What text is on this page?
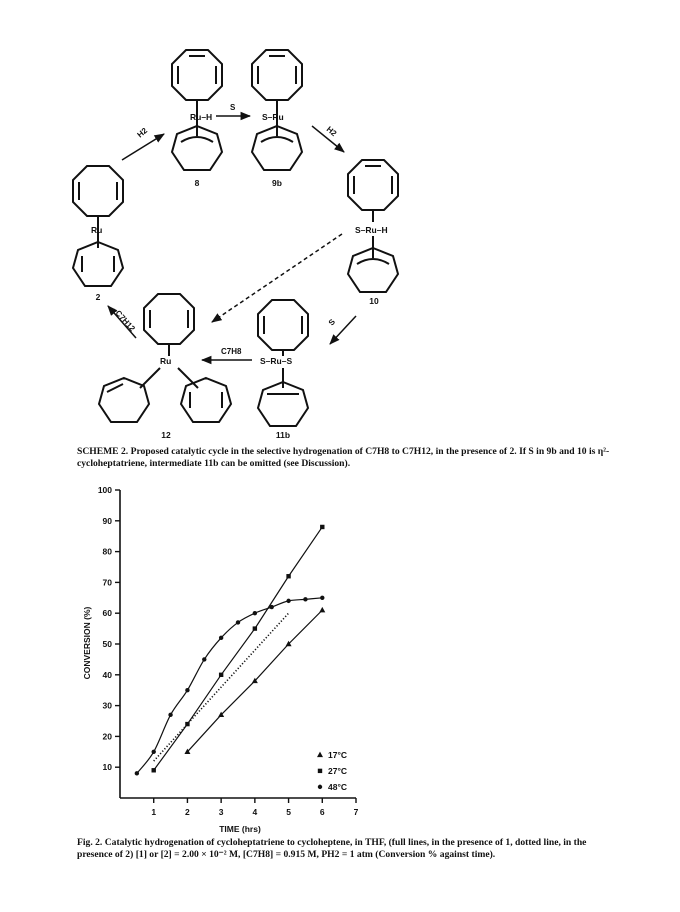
Ru–H	S–Ru
Ru	S–Ru–H
Ru	S–Ru–S
8	9b
2	10
12	11b
S
H2	H2
–C7H12	S
C7H8
SCHEME 2. Proposed catalytic cycle in the selective hydrogenation of C7H8 to C7H12, in the presence of 2. If S in 9b and 10 is η²-cycloheptatriene, intermediate 11b can be omitted (see Discussion).
10
20
30
40
50
60
70
80
90
100
1	2	3	4	5	6	7
CONVERSION (%)
TIME (hrs)
17°C
27°C
48°C
Fig. 2. Catalytic hydrogenation of cycloheptatriene to cycloheptene, in THF, (full lines, in the presence of 1, dotted line, in the presence of 2) [1] or [2] = 2.00 × 10⁻² M, [C7H8] = 0.915 M, PH2 = 1 atm (Conversion % against time).
